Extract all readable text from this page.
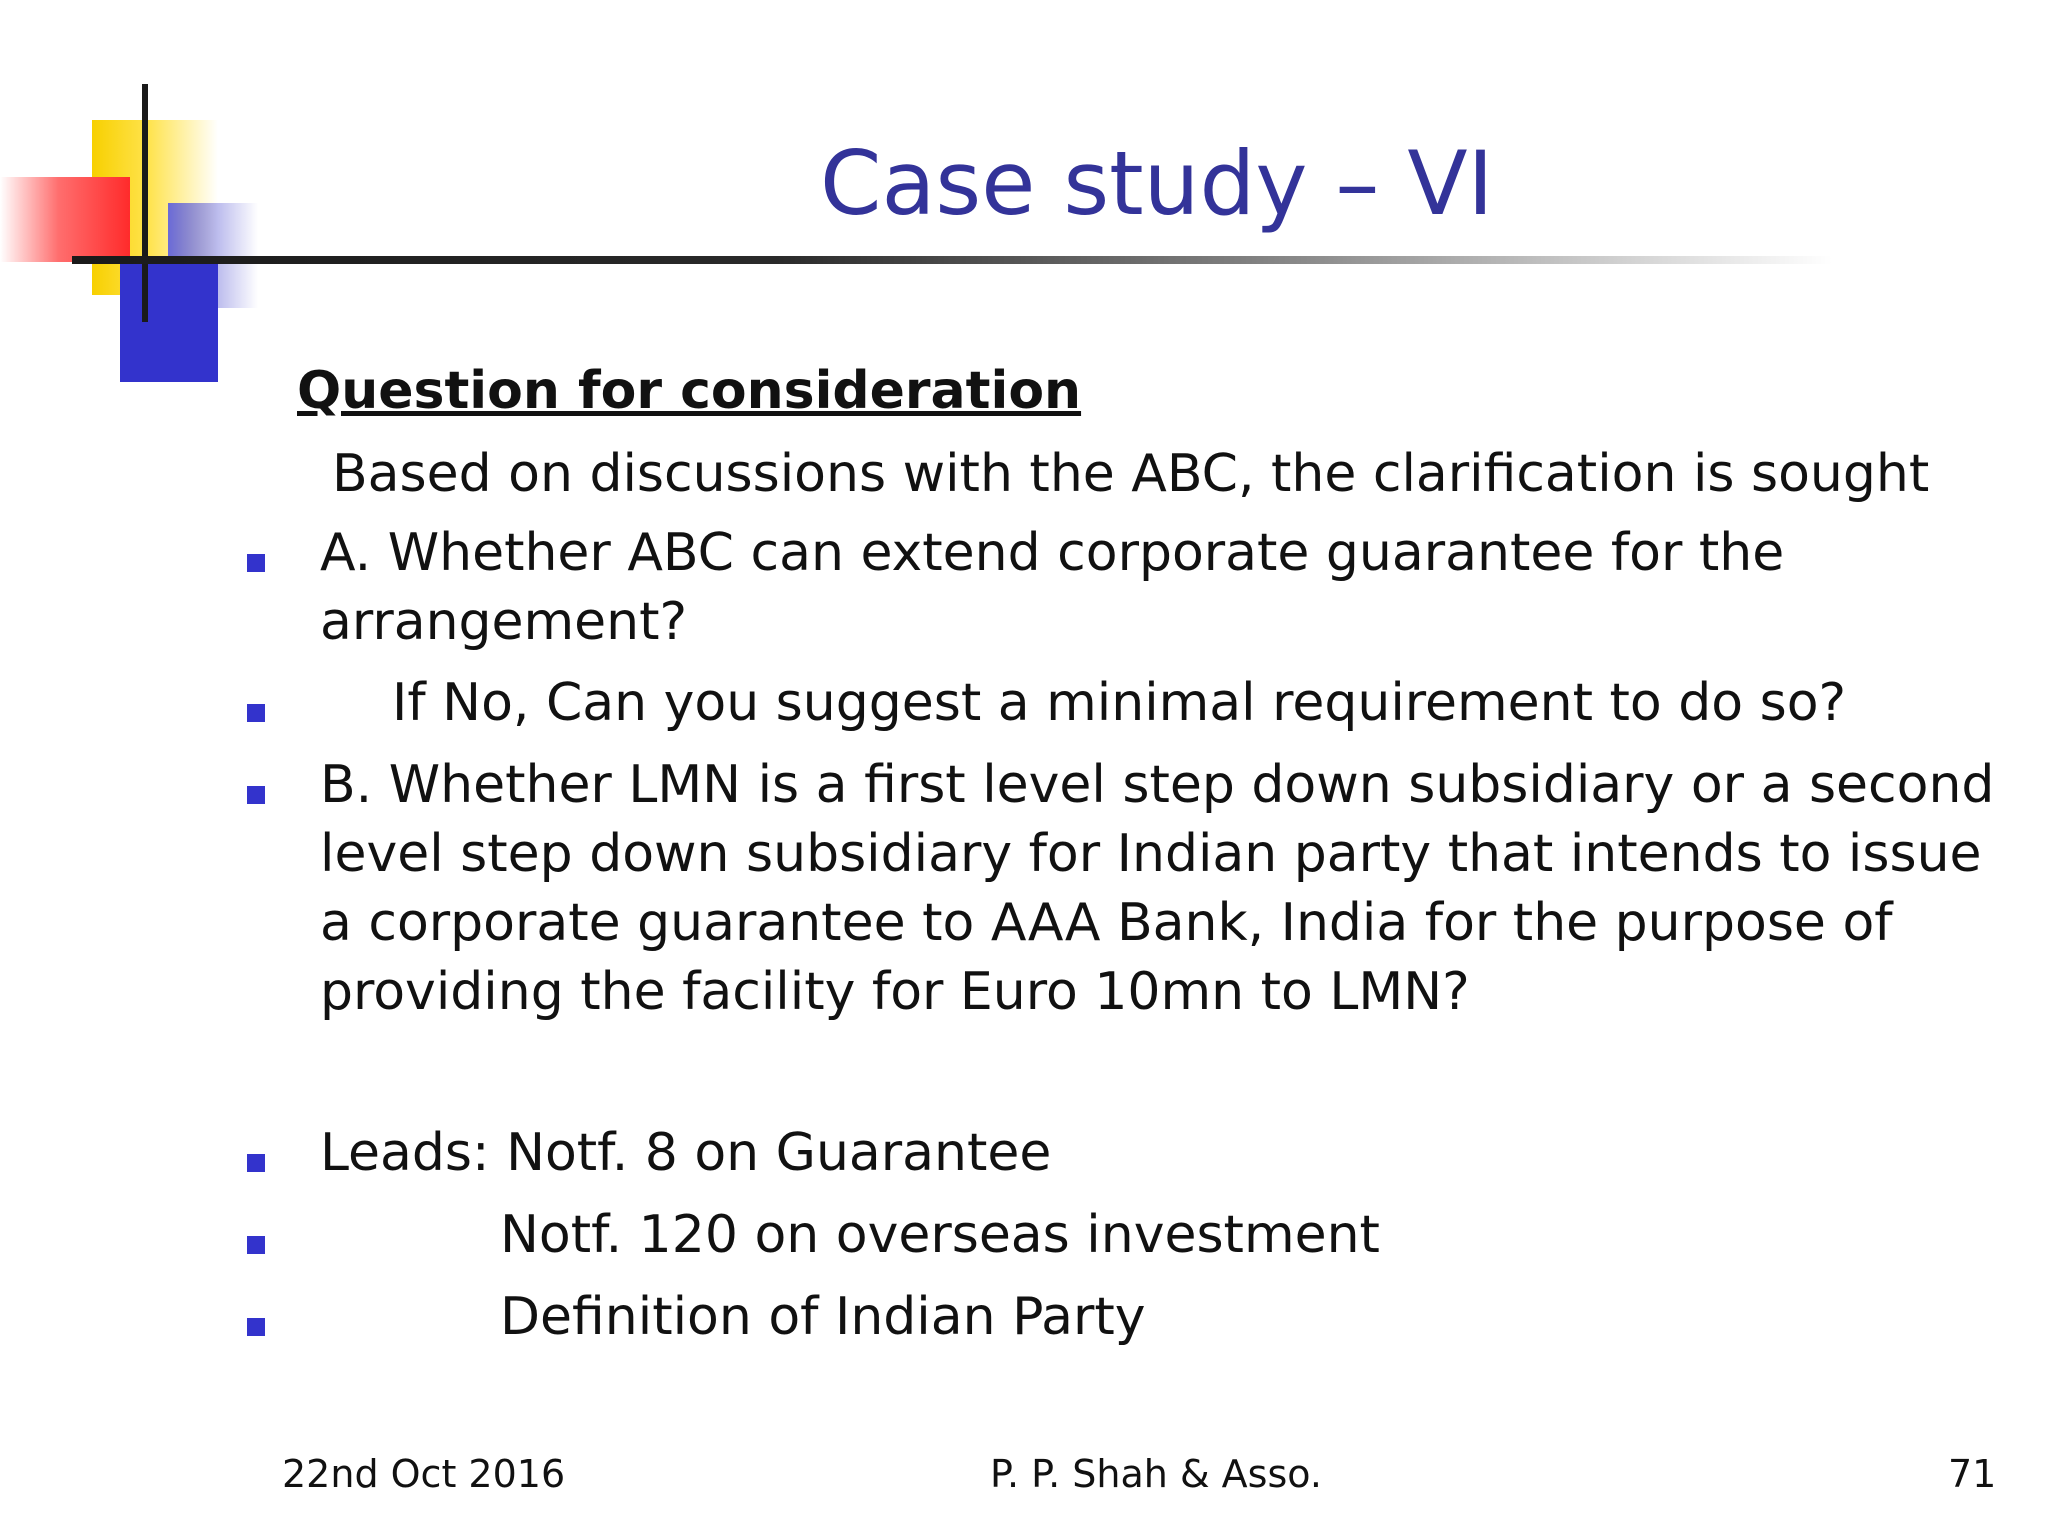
Case study – VI
Question for consideration
Based on discussions with the ABC, the clarification is sought
A. Whether ABC can extend corporate guarantee for the arrangement?
If No, Can you suggest a minimal requirement to do so?
B. Whether LMN is a first level step down subsidiary or a second level step down subsidiary for Indian party that intends to issue a corporate guarantee to AAA Bank, India for the purpose of providing the facility for Euro 10mn to LMN?
Leads: Notf. 8 on Guarantee
Notf. 120 on overseas investment
Definition of Indian Party
22nd Oct 2016	P. P. Shah & Asso.	71
